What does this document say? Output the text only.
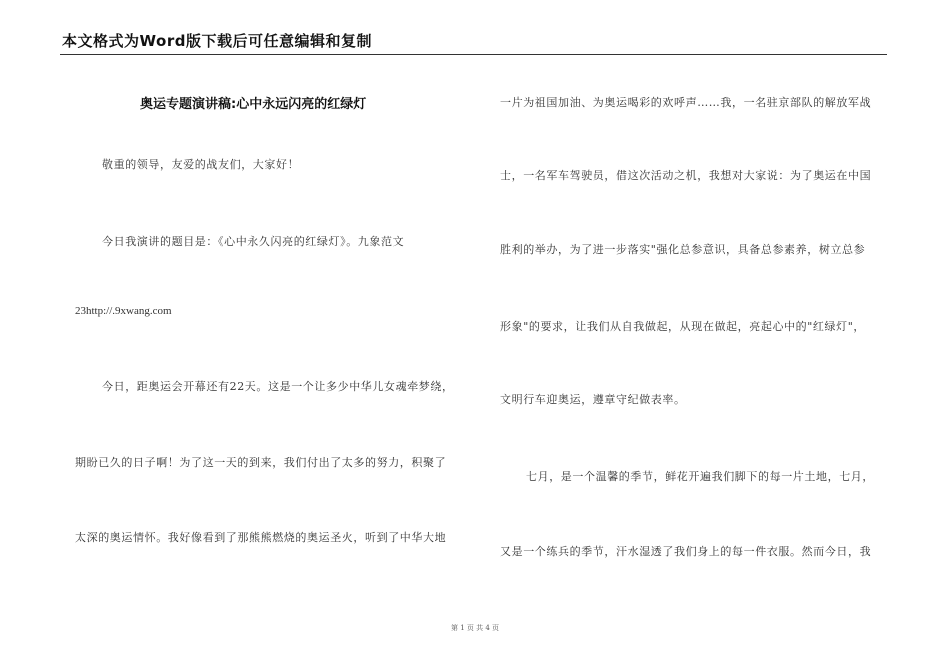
本文格式为Word版下载后可任意编辑和复制
奥运专题演讲稿:心中永远闪亮的红绿灯
敬重的领导，友爱的战友们，大家好！
今日我演讲的题目是：《心中永久闪亮的红绿灯》。九象范文
23http://.9xwang.com
今日，距奥运会开幕还有22天。这是一个让多少中华儿女魂牵梦绕，
期盼已久的日子啊！为了这一天的到来，我们付出了太多的努力，积聚了
太深的奥运情怀。我好像看到了那熊熊燃烧的奥运圣火，听到了中华大地
一片为祖国加油、为奥运喝彩的欢呼声……我，一名驻京部队的解放军战
士，一名军车驾驶员，借这次活动之机，我想对大家说：为了奥运在中国
胜利的举办，为了进一步落实"强化总参意识，具备总参素养，树立总参
形象"的要求，让我们从自我做起，从现在做起，亮起心中的"红绿灯"，
文明行车迎奥运，遵章守纪做表率。
七月，是一个温馨的季节，鲜花开遍我们脚下的每一片土地，七月，
又是一个练兵的季节，汗水湿透了我们身上的每一件衣服。然而今日，我
第 1 页 共 4 页
